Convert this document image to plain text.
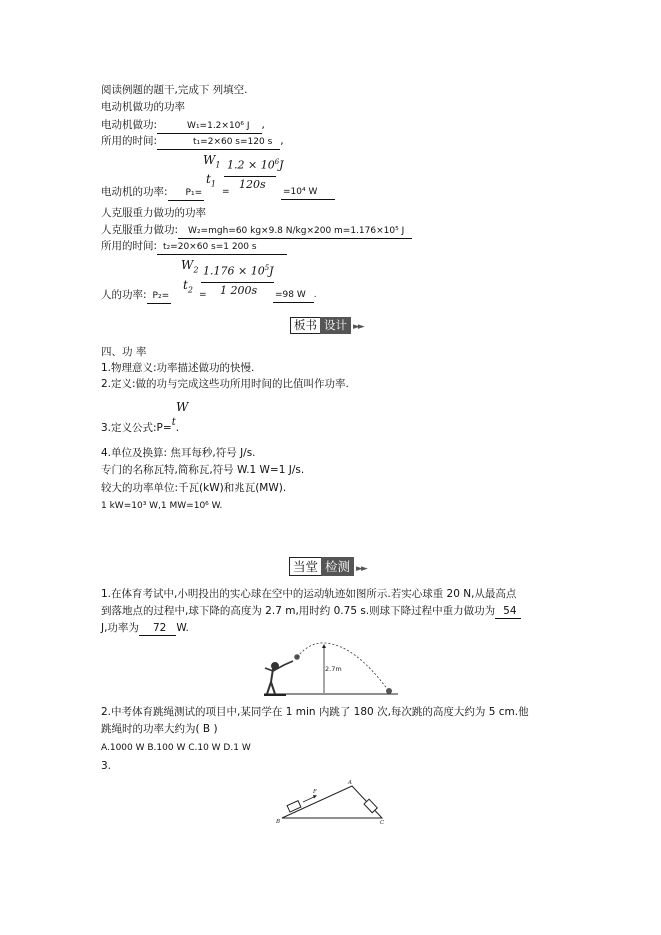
阅读例题的题干,完成下 列填空.
电动机做功的功率
电动机做功:	W₁=1.2×10⁶ J ,
所用的时间:	t₁=2×60 s=120 s ,
$W_1$
$t_1$
$1.2 \times 10^6J$
120s
电动机的功率: P₁= =	=10⁴ W
人克服重力做功的功率
人克服重力做功: W₂=mgh=60 kg×9.8 N/kg×200 m=1.176×10⁵ J
所用的时间: t₂=20×60 s=1 200 s
$W_2$
$t_2$
$1.176 \times 10^5J$
1 200s
人的功率: P₂=	=	=98 W .
板书 设计 ►►
四、功 率
1.物理意义:功率描述做功的快慢.
2.定义:做的功与完成这些功所用时间的比值叫作功率.
W
3.定义公式:P=t.
4.单位及换算: 焦耳每秒,符号 J/s.
专门的名称瓦特,简称瓦,符号 W.1 W=1 J/s.
较大的功率单位:千瓦(kW)和兆瓦(MW).
1 kW=10³ W,1 MW=10⁶ W.
当堂 检测 ►►
1.在体育考试中,小明投出的实心球在空中的运动轨迹如图所示.若实心球重 20 N,从最高点
到落地点的过程中,球下降的高度为 2.7 m,用时约 0.75 s.则球下降过程中重力做功为 54
J,功率为 72 W.
2.7m
2.中考体育跳绳测试的项目中,某同学在 1 min 内跳了 180 次,每次跳的高度大约为 5 cm.他
跳绳时的功率大约为( B )
A.1000 W B.100 W C.10 W D.1 W
3.
F
A
B	C
